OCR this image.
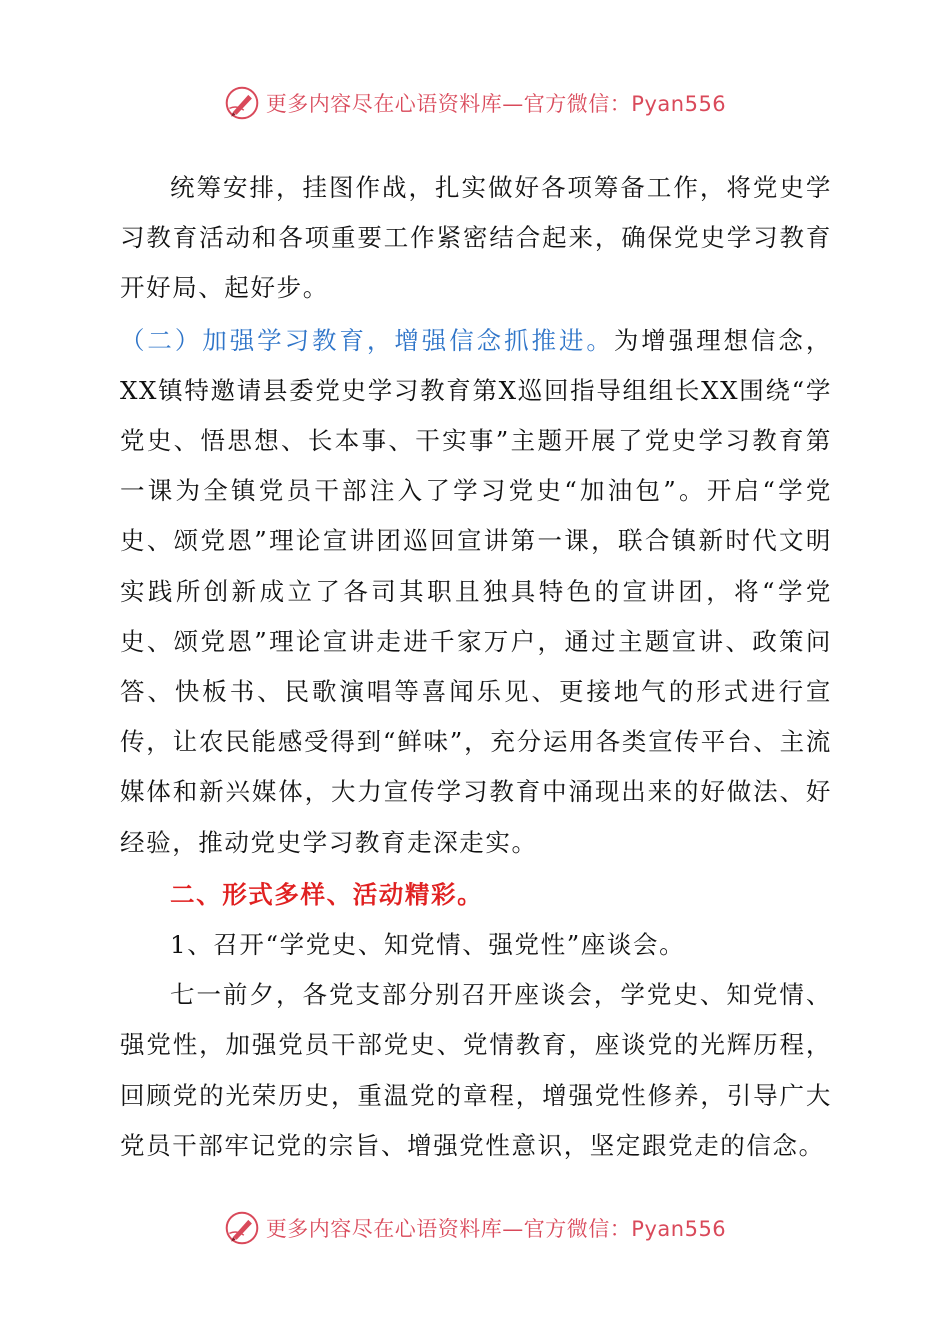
更多内容尽在心语资料库—官方微信：Pyan556

统筹安排，挂图作战，扎实做好各项筹备工作，将党史学习教育活动和各项重要工作紧密结合起来，确保党史学习教育开好局、起好步。

（二）加强学习教育，增强信念抓推进。为增强理想信念，XX镇特邀请县委党史学习教育第X巡回指导组组长XX围绕“学党史、悟思想、长本事、干实事”主题开展了党史学习教育第一课为全镇党员干部注入了学习党史“加油包”。开启“学党史、颂党恩”理论宣讲团巡回宣讲第一课，联合镇新时代文明实践所创新成立了各司其职且独具特色的宣讲团，将“学党史、颂党恩”理论宣讲走进千家万户，通过主题宣讲、政策问答、快板书、民歌演唱等喜闻乐见、更接地气的形式进行宣传，让农民能感受得到“鲜味”，充分运用各类宣传平台、主流媒体和新兴媒体，大力宣传学习教育中涌现出来的好做法、好经验，推动党史学习教育走深走实。

二、形式多样、活动精彩。

1、召开“学党史、知党情、强党性”座谈会。

七一前夕，各党支部分别召开座谈会，学党史、知党情、强党性，加强党员干部党史、党情教育，座谈党的光辉历程，回顾党的光荣历史，重温党的章程，增强党性修养，引导广大党员干部牢记党的宗旨、增强党性意识，坚定跟党走的信念。

更多内容尽在心语资料库—官方微信：Pyan556
